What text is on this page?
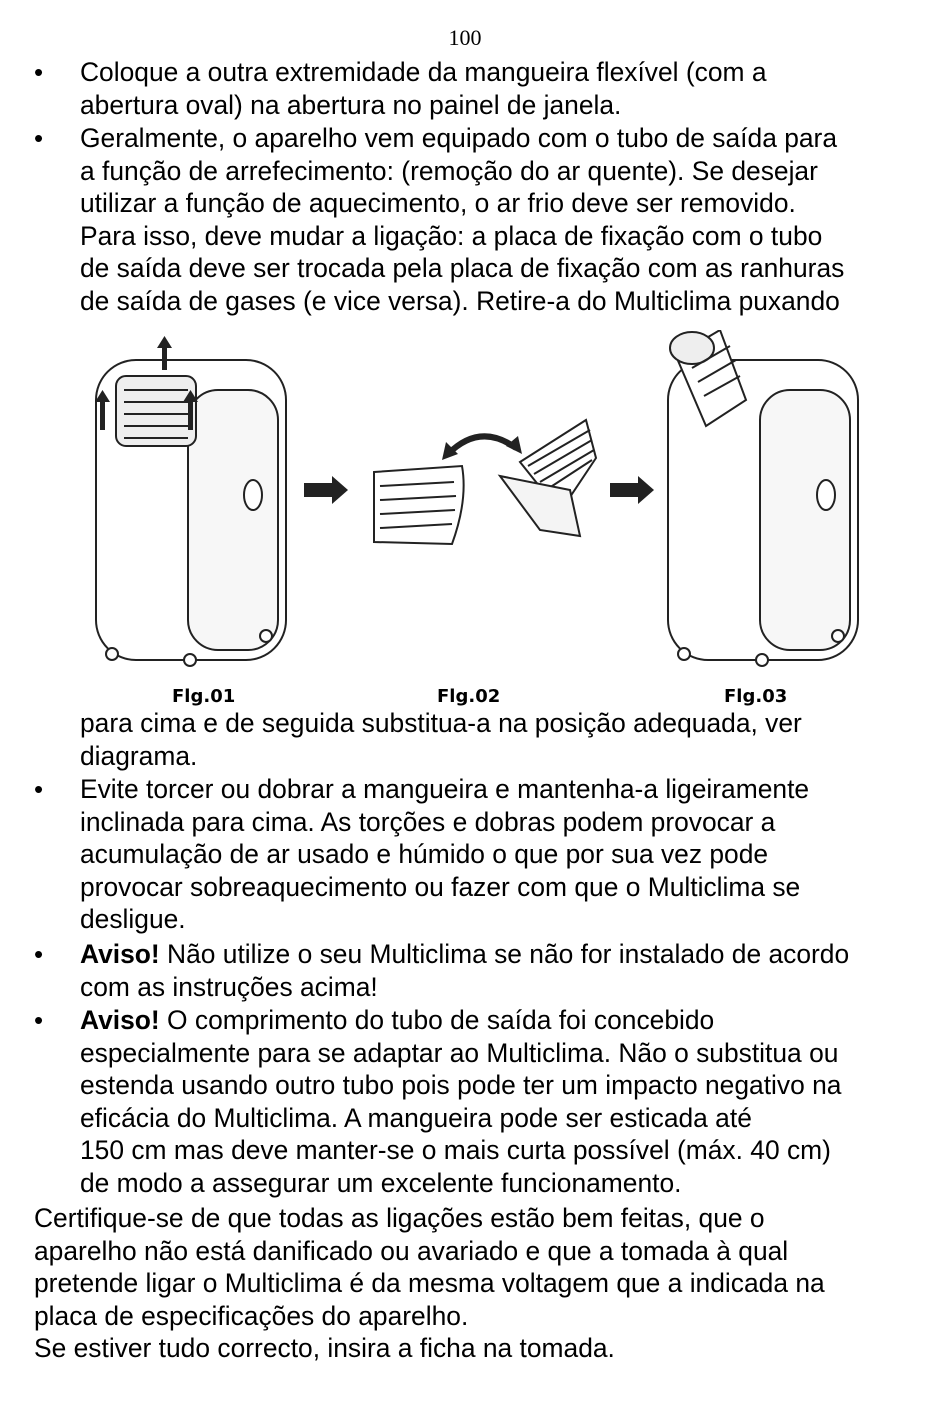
100
•
Coloque a outra extremidade da mangueira flexível (com a
abertura oval) na abertura no painel de janela.
•
Geralmente, o aparelho vem equipado com o tubo de saída para
a função de arrefecimento: (remoção do ar quente). Se desejar
utilizar a função de aquecimento, o ar frio deve ser removido.
Para isso, deve mudar a ligação: a placa de fixação com o tubo
de saída deve ser trocada pela placa de fixação com as ranhuras
de saída de gases (e vice versa). Retire-a do Multiclima puxando
Flg.01	Flg.02	Flg.03
para cima e de seguida substitua-a na posição adequada, ver
diagrama.
•
Evite torcer ou dobrar a mangueira e mantenha-a ligeiramente
inclinada para cima. As torções e dobras podem provocar a
acumulação de ar usado e húmido o que por sua vez pode
provocar sobreaquecimento ou fazer com que o Multiclima se
desligue.
•
Aviso! Não utilize o seu Multiclima se não for instalado de acordo
com as instruções acima!
•
Aviso! O comprimento do tubo de saída foi concebido
especialmente para se adaptar ao Multiclima. Não o substitua ou
estenda usando outro tubo pois pode ter um impacto negativo na
eficácia do Multiclima. A mangueira pode ser esticada até
150 cm mas deve manter-se o mais curta possível (máx. 40 cm)
de modo a assegurar um excelente funcionamento.
Certifique-se de que todas as ligações estão bem feitas, que o
aparelho não está danificado ou avariado e que a tomada à qual
pretende ligar o Multiclima é da mesma voltagem que a indicada na
placa de especificações do aparelho.
Se estiver tudo correcto, insira a ficha na tomada.
